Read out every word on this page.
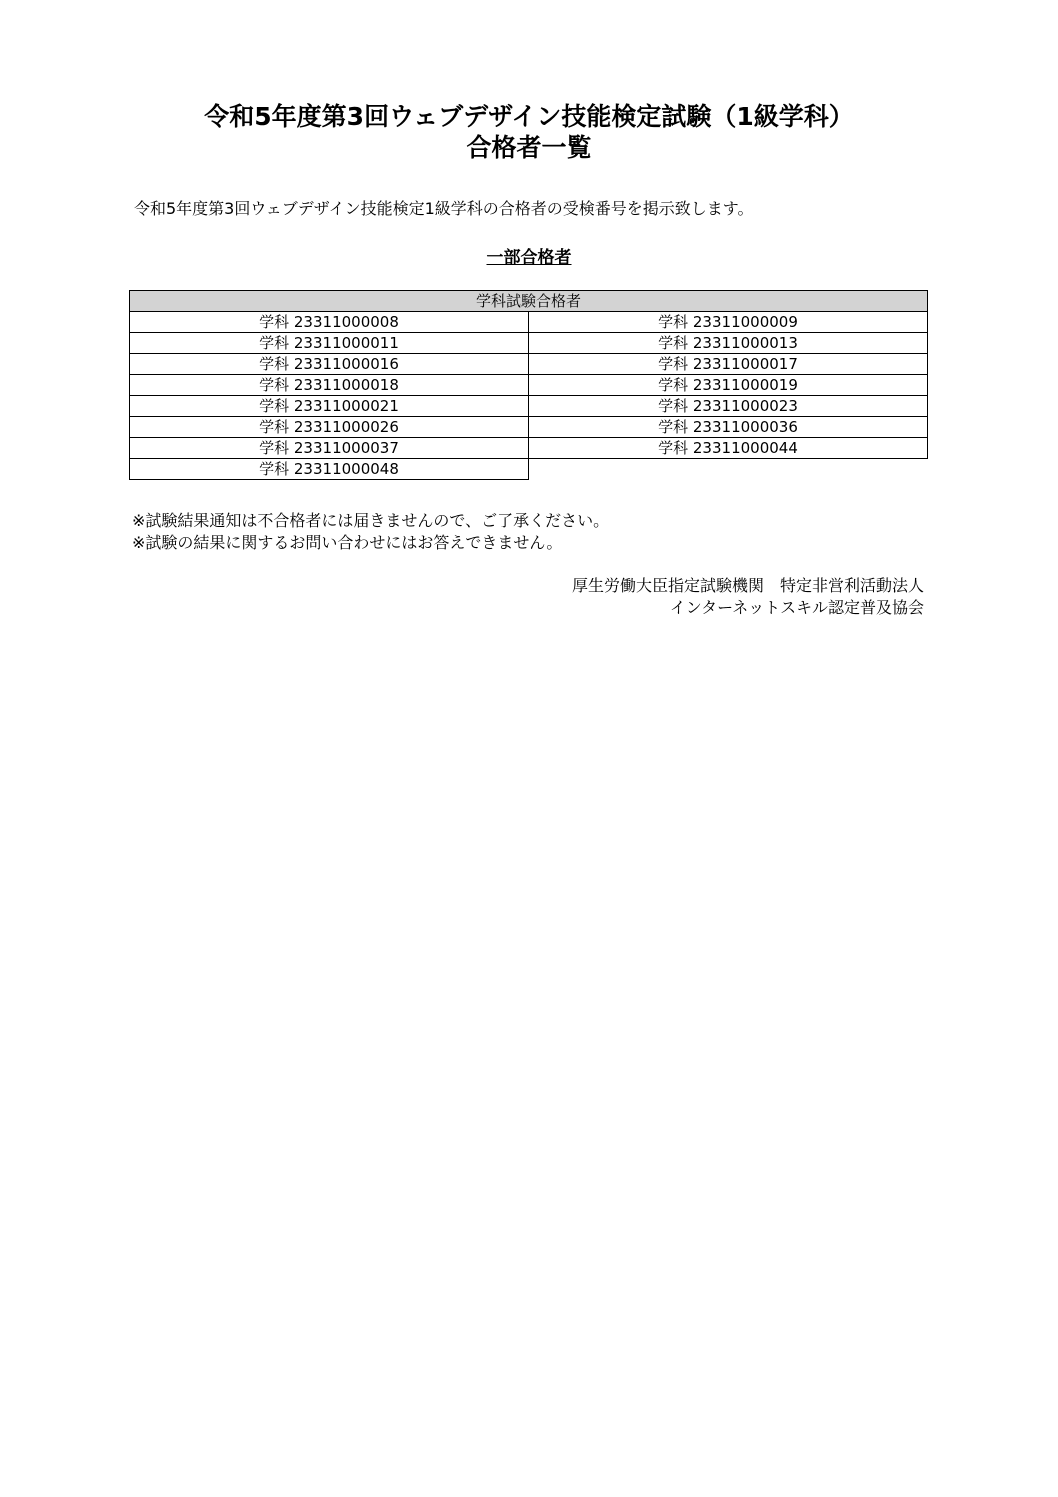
令和5年度第3回ウェブデザイン技能検定試験（1級学科）
合格者一覧

令和5年度第3回ウェブデザイン技能検定1級学科の合格者の受検番号を掲示致します。

一部合格者
学科試験合格者	
学科 23311000008	学科 23311000009
学科 23311000011	学科 23311000013
学科 23311000016	学科 23311000017
学科 23311000018	学科 23311000019
学科 23311000021	学科 23311000023
学科 23311000026	学科 23311000036
学科 23311000037	学科 23311000044
学科 23311000048	
※試験結果通知は不合格者には届きませんので、ご了承ください。
※試験の結果に関するお問い合わせにはお答えできません。
厚生労働大臣指定試験機関　特定非営利活動法人
インターネットスキル認定普及協会
